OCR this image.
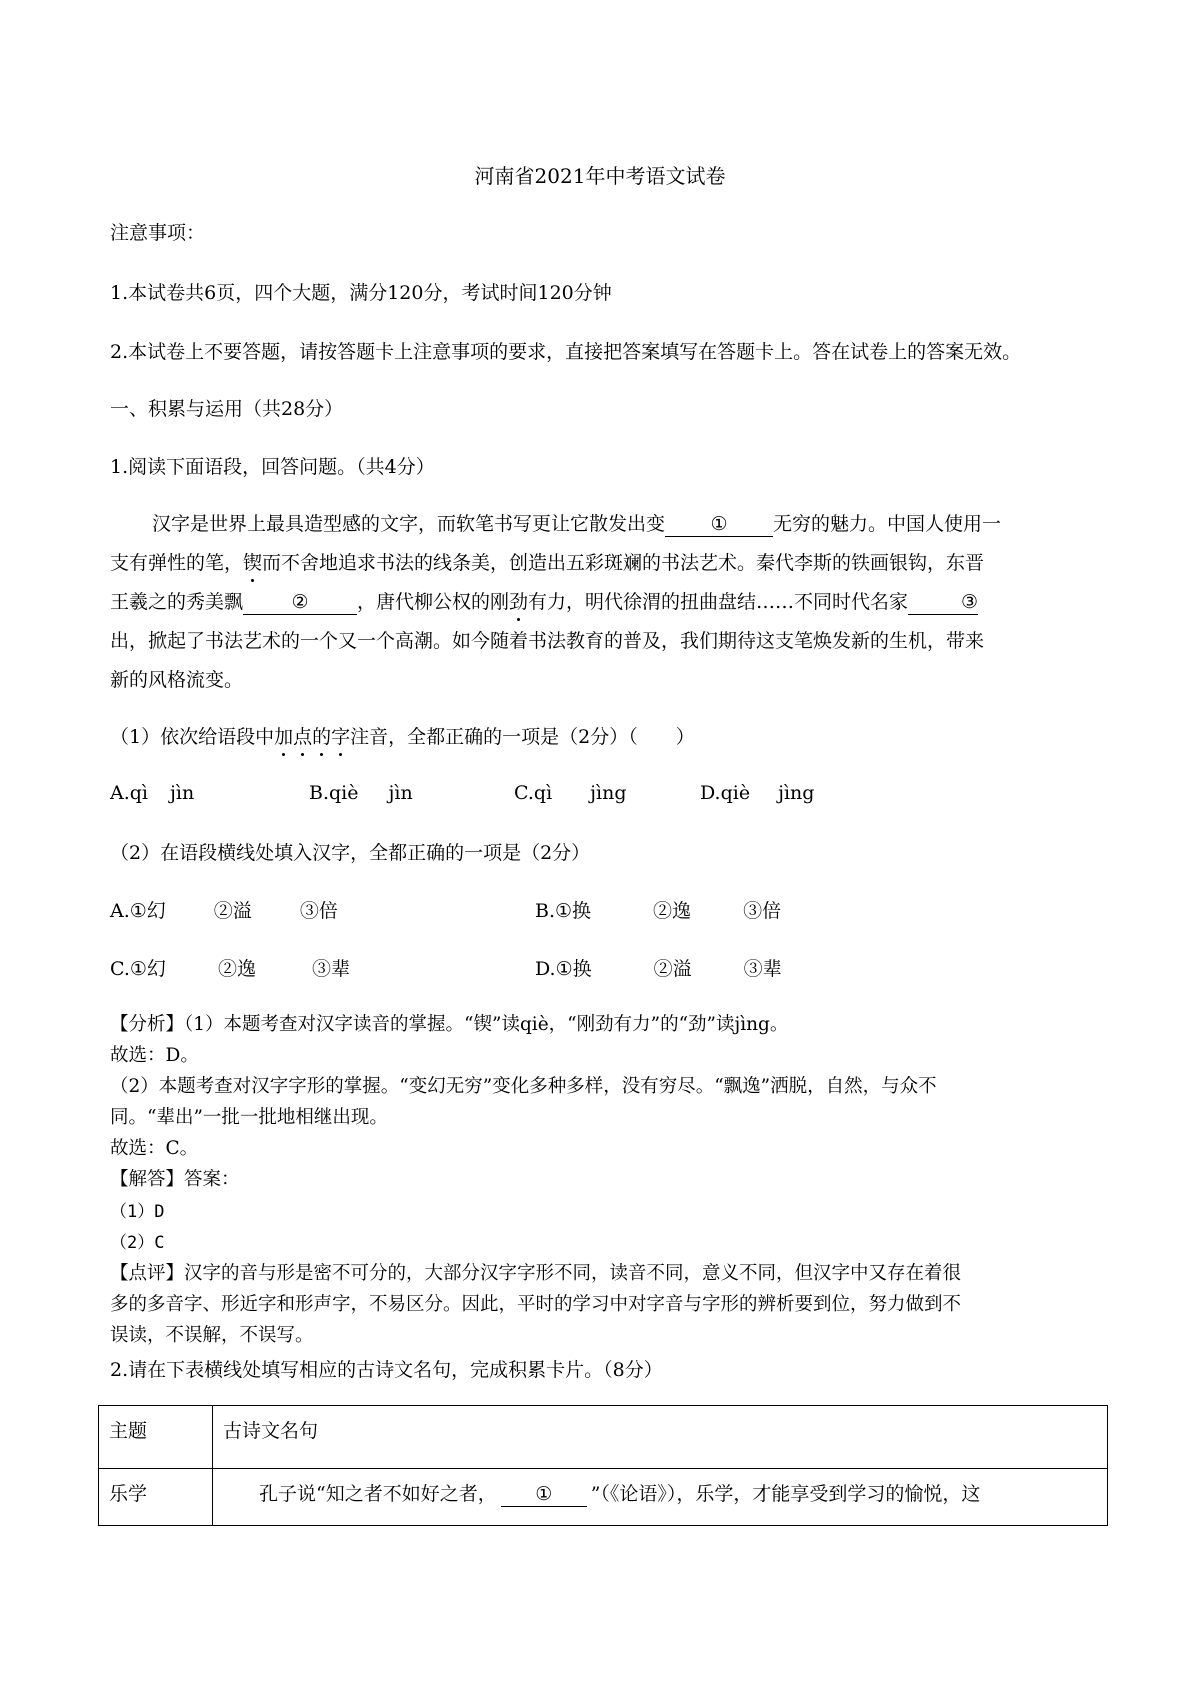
河南省2021年中考语文试卷
注意事项：
1.本试卷共6页，四个大题，满分120分，考试时间120分钟
2.本试卷上不要答题，请按答题卡上注意事项的要求，直接把答案填写在答题卡上。答在试卷上的答案无效。
一、积累与运用（共28分）
1.阅读下面语段，回答问题。（共4分）
汉字是世界上最具造型感的文字，而软笔书写更让它散发出变 ① 无穷的魅力。中国人使用一
支有弹性的笔，锲而不舍地追求书法的线条美，创造出五彩斑斓的书法艺术。秦代李斯的铁画银钩，东晋
王羲之的秀美飘	②	，唐代柳公权的刚劲有力，明代徐渭的扭曲盘结……不同时代名家	③
出，掀起了书法艺术的一个又一个高潮。如今随着书法教育的普及，我们期待这支笔焕发新的生机，带来
新的风格流变。
（1）依次给语段中加点的字注音，全都正确的一项是（2分）（　　）
A.qì jìn	B.qiè jìn	C.qì jìng	D.qiè jìng
（2）在语段横线处填入汉字，全都正确的一项是（2分）
A.①幻	②溢	③倍	B.①换	②逸	③倍
C.①幻	②逸	③辈	D.①换	②溢	③辈
【分析】（1）本题考查对汉字读音的掌握。“锲”读qiè，“刚劲有力”的“劲”读jìng。
故选：D。
（2）本题考查对汉字字形的掌握。“变幻无穷”变化多种多样，没有穷尽。“飘逸”洒脱，自然，与众不
同。“辈出”一批一批地相继出现。
故选：C。
【解答】答案：
（1）D
（2）C
【点评】汉字的音与形是密不可分的，大部分汉字字形不同，读音不同，意义不同，但汉字中又存在着很
多的多音字、形近字和形声字，不易区分。因此，平时的学习中对字音与字形的辨析要到位，努力做到不
误读，不误解，不误写。
2.请在下表横线处填写相应的古诗文名句，完成积累卡片。（8分）
主题	古诗文名句
乐学	孔子说“知之者不如好之者， ① ”（《论语》），乐学，才能享受到学习的愉悦，这
